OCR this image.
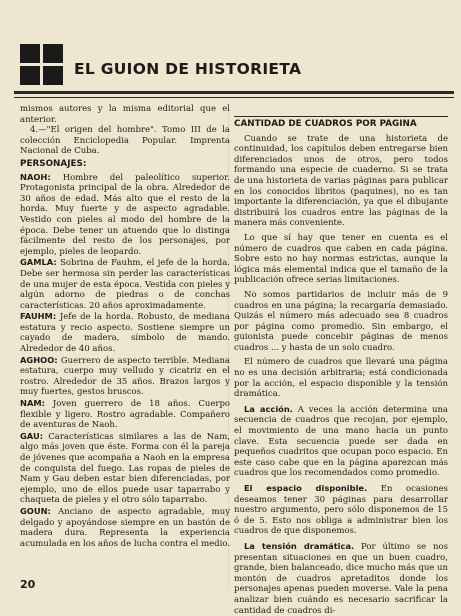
EL GUION DE HISTORIETA

mismos autores y la misma editorial que el anterior.

4.—"El origen del hombre". Tomo III de la colección Enciclopedia Popular. Imprenta Nacional de Cuba.

PERSONAJES:

NAOH: Hombre del paleolítico superior. Protagonista principal de la obra. Alrededor de 30 años de edad. Más alto que el resto de la horda. Muy fuerte y de aspecto agradable. Vestido con pieles al modo del hombre de la época. Debe tener un atuendo que lo distinga fácilmente del resto de los personajes, por ejemplo, pieles de leopardo.

GAMLA: Sobrina de Fauhm, el jefe de la horda. Debe ser hermosa sin perder las características de una mujer de esta época. Vestida con pieles y algún adorno de piedras o de conchas características. 20 años aproximadamente.

FAUHM: Jefe de la horda. Robusto, de mediana estatura y recio aspecto. Sostiene siempre un cayado de madera, símbolo de mando. Alrededor de 40 años.

AGHOO: Guerrero de aspecto terrible. Mediana estatura, cuerpo muy velludo y cicatriz en el rostro. Alrededor de 35 años. Brazos largos y muy fuertes, gestos bruscos.

NAM: Joven guerrero de 18 años. Cuerpo flexible y ligero. Rostro agradable. Compañero de aventuras de Naoh.

GAU: Características similares a las de Nam, algo más joven que éste. Forma con él la pareja de jóvenes que acompaña a Naoh en la empresa de conquista del fuego. Las ropas de pieles de Nam y Gau deben estar bien diferenciadas, por ejemplo, uno de ellos puede usar taparrabo y chaqueta de pieles y el otro sólo taparrabo.

GOUN: Anciano de aspecto agradable, muy delgado y apoyándose siempre en un bastón de madera dura. Representa la experiencia acumulada en los años de lucha contra el medio.

CANTIDAD DE CUADROS POR PAGINA

Cuando se trate de una historieta de continuidad, los capítulos deben entregarse bien diferenciados unos de otros, pero todos formando una especie de cuaderno. Si se trata de una historieta de varias páginas para publicar en los conocidos libritos (paquines), no es tan importante la diferenciación, ya que el dibujante distribuirá los cuadros entre las páginas de la manera más conveniente.

Lo que sí hay que tener en cuenta es el número de cuadros que caben en cada página. Sobre esto no hay normas estrictas, aunque la lógica más elemental indica que el tamaño de la publicación ofrece serias limitaciones.

No somos partidarios de incluir más de 9 cuadros en una página; la recargaría demasiado. Quizás el número más adecuado sea 8 cuadros por página como promedio. Sin embargo, el guionista puede concebir páginas de menos cuadros ... y hasta de un solo cuadro.

El número de cuadros que llevará una página no es una decisión arbitraria; está condicionada por la acción, el espacio disponible y la tensión dramática.

La acción. A veces la acción determina una secuencia de cuadros que recojan, por ejemplo, el movimiento de una mano hacia un punto clave. Esta secuencia puede ser dada en pequeños cuadritos que ocupan poco espacio. En este caso cabe que en la página aparezcan más cuadros que los recomendados como promedio.

El espacio disponible. En ocasiones deseamos tener 30 páginas para desarrollar nuestro argumento, pero sólo disponemos de 15 ó de 5. Esto nos obliga a administrar bien los cuadros de que disponemos.

La tensión dramática. Por último se nos presentan situaciones en que un buen cuadro, grande, bien balanceado, dice mucho más que un montón de cuadros apretaditos donde los personajes apenas pueden moverse. Vale la pena analizar bien cuándo es necesario sacrificar la cantidad de cuadros di-

20
